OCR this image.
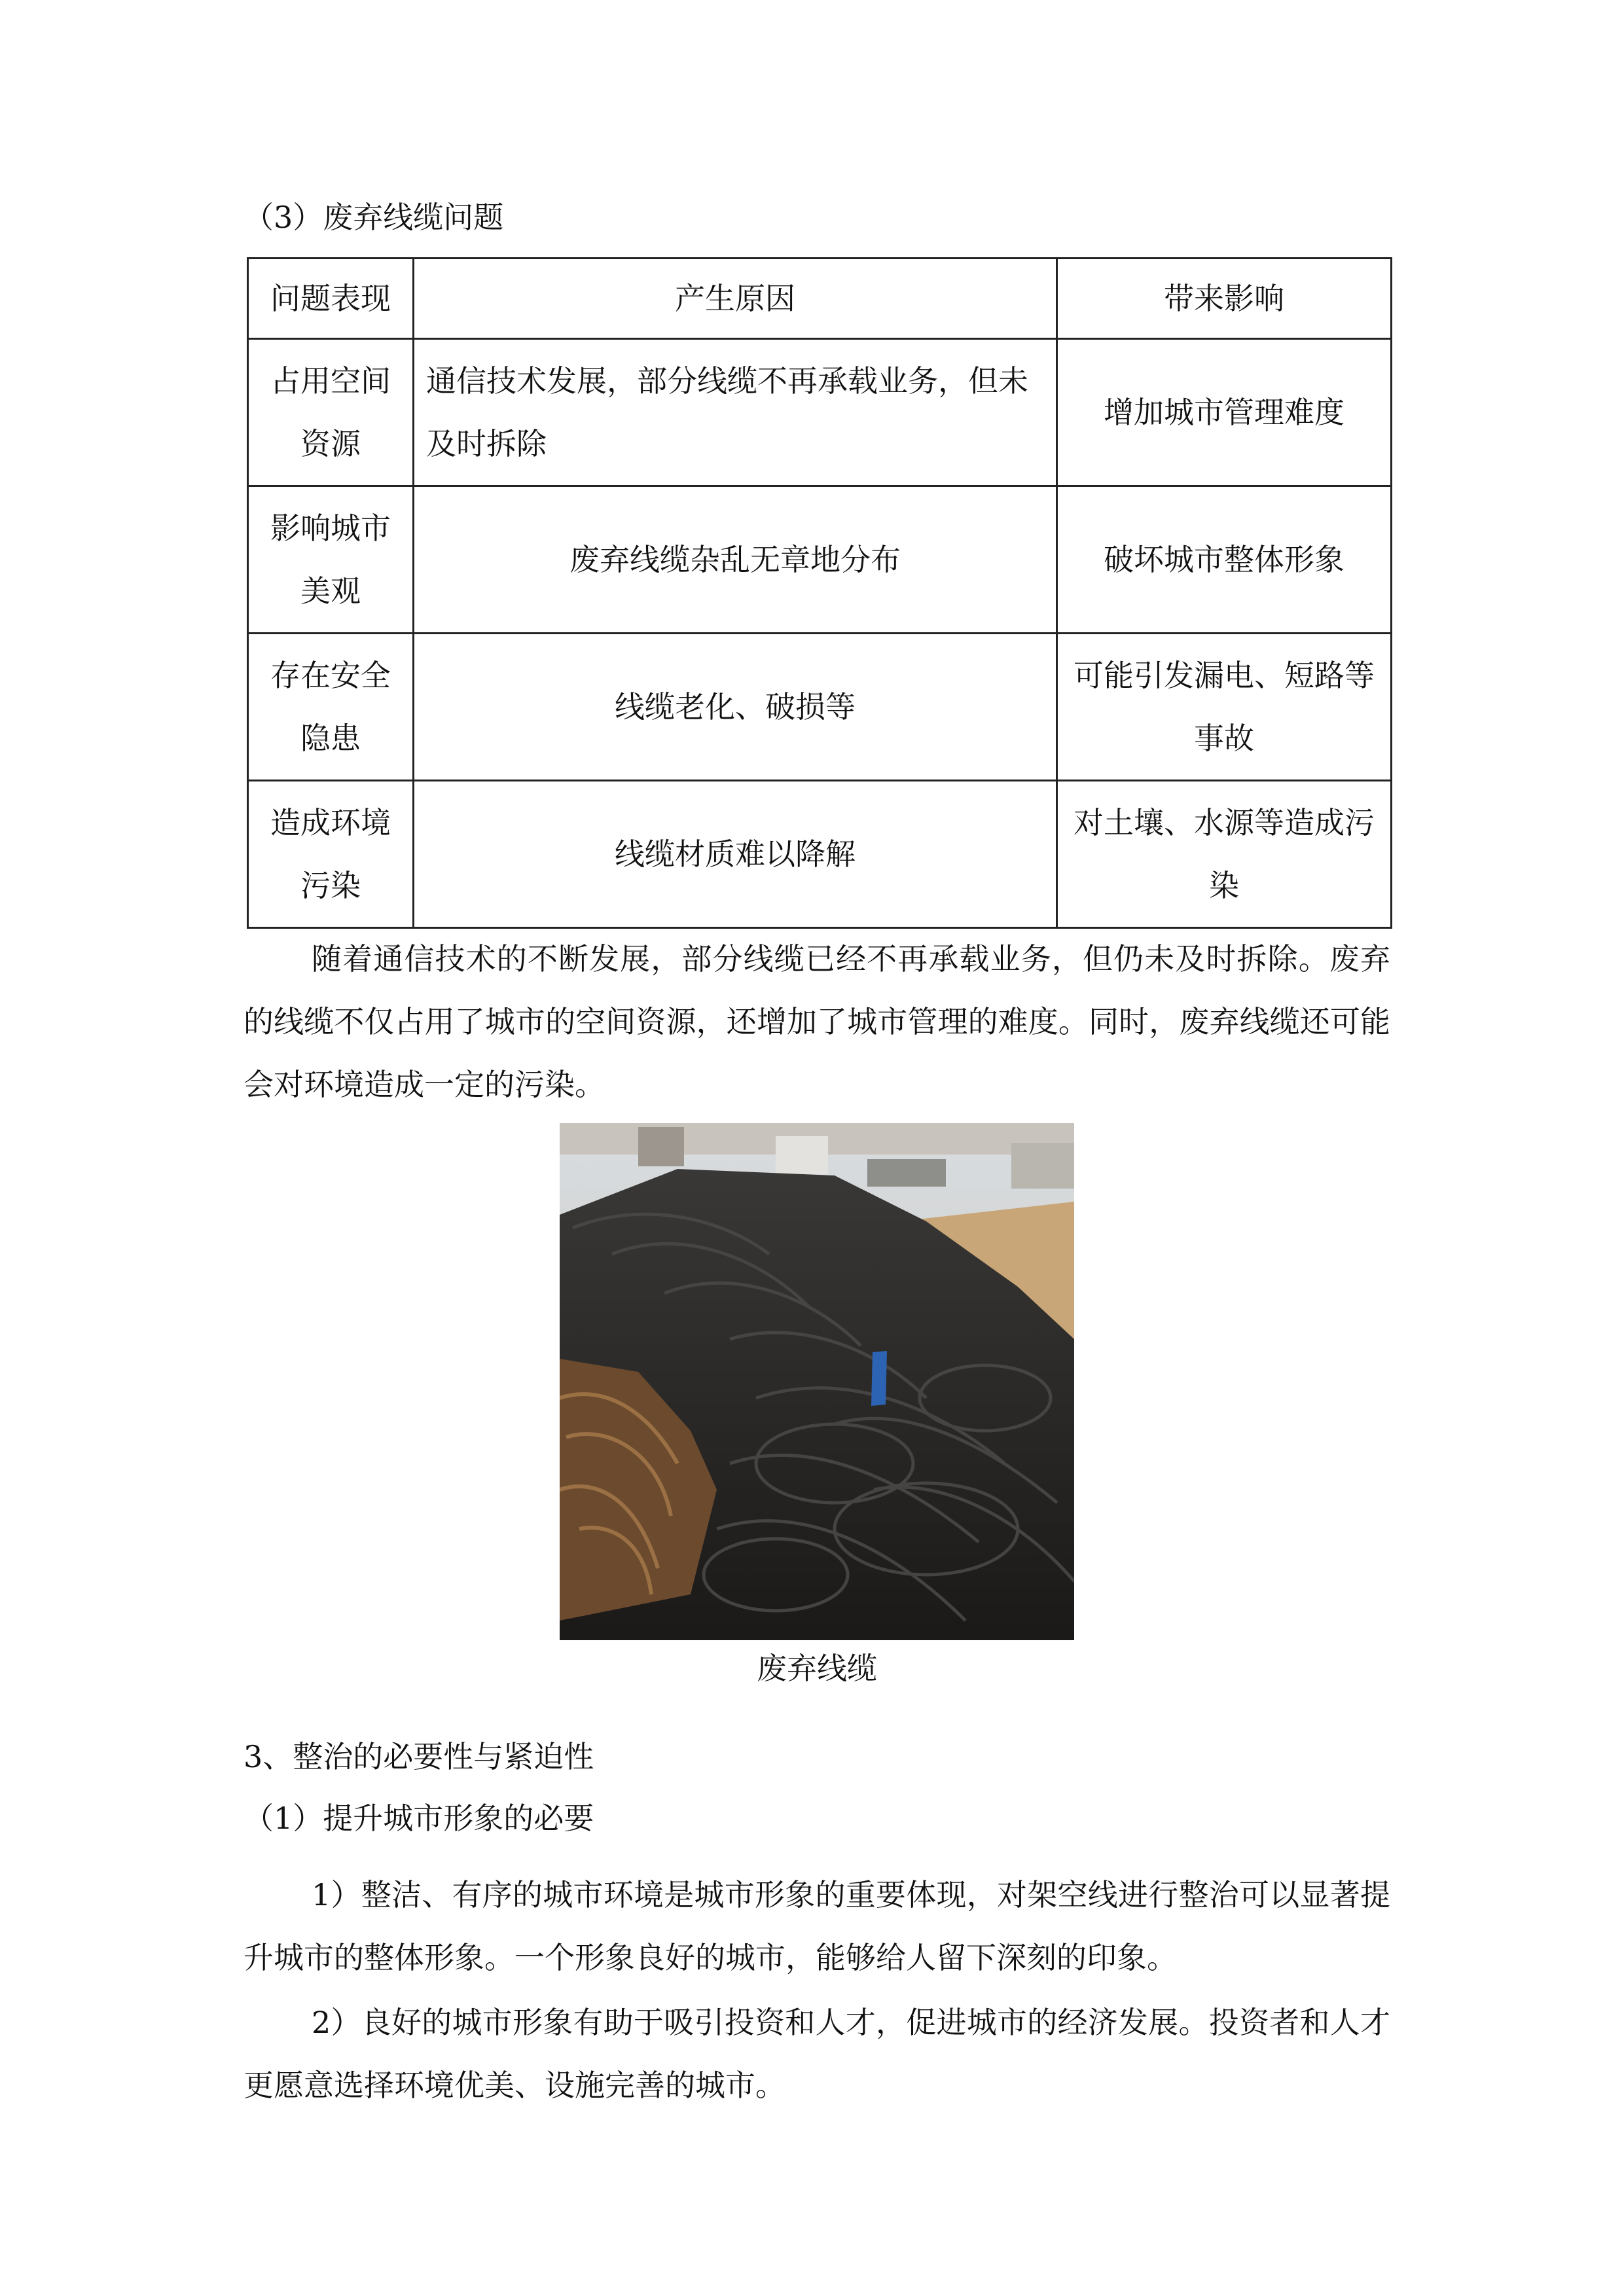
（3）废弃线缆问题
问题表现	产生原因	带来影响
占用空间资源	通信技术发展，部分线缆不再承载业务，但未及时拆除	增加城市管理难度
影响城市美观	废弃线缆杂乱无章地分布	破坏城市整体形象
存在安全隐患	线缆老化、破损等	可能引发漏电、短路等事故
造成环境污染	线缆材质难以降解	对土壤、水源等造成污染

随着通信技术的不断发展，部分线缆已经不再承载业务，但仍未及时拆除。废弃的线缆不仅占用了城市的空间资源，还增加了城市管理的难度。同时，废弃线缆还可能会对环境造成一定的污染。

废弃线缆

3、整治的必要性与紧迫性
（1）提升城市形象的必要

1）整洁、有序的城市环境是城市形象的重要体现，对架空线进行整治可以显著提升城市的整体形象。一个形象良好的城市，能够给人留下深刻的印象。

2）良好的城市形象有助于吸引投资和人才，促进城市的经济发展。投资者和人才更愿意选择环境优美、设施完善的城市。
